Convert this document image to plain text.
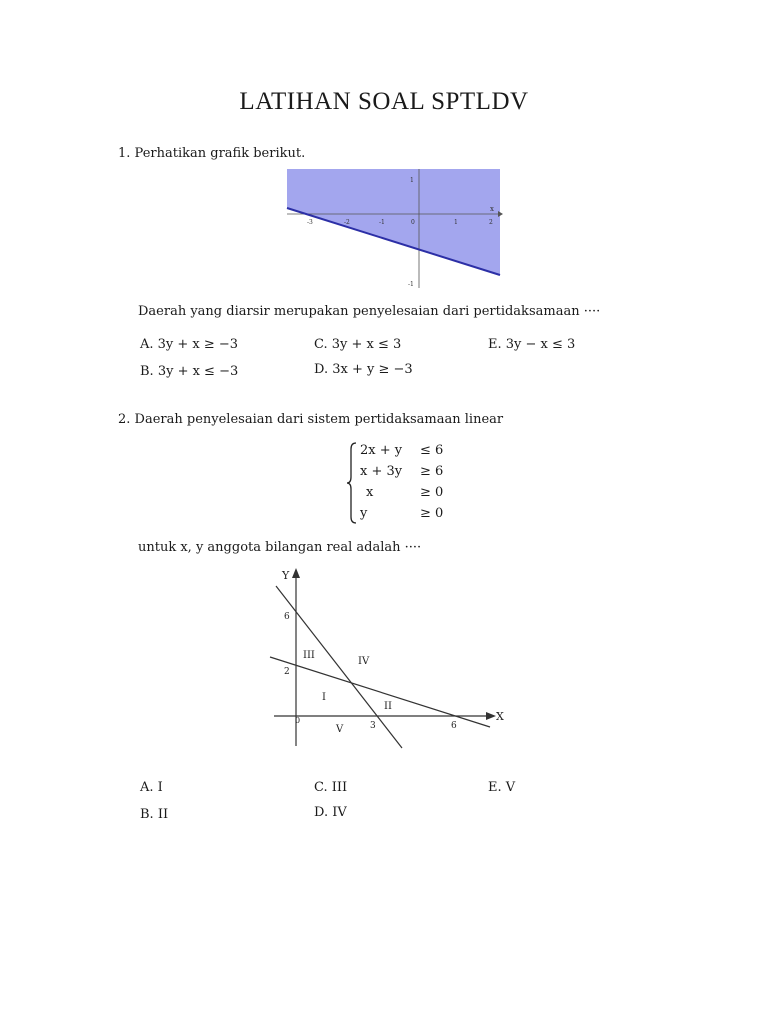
LATIHAN SOAL SPTLDV
1. Perhatikan grafik berikut.
1
-1
-3	-2	-1	0	1	2
x
Daerah yang diarsir merupakan penyelesaian dari pertidaksamaan ····
A. 3y + x ≥ −3
B. 3y + x ≤ −3
C. 3y + x ≤ 3
D. 3x + y ≥ −3
E. 3y − x ≤ 3
2. Daerah penyelesaian dari sistem pertidaksamaan linear
2x + y ≤ 6
x + 3y ≥ 6
x	≥ 0
y	≥ 0
untuk x, y anggota bilangan real adalah ····
Y
X
6
2
0
3	6
I
II
III
IV
V
A. I
B. II
C. III
D. IV
E. V
